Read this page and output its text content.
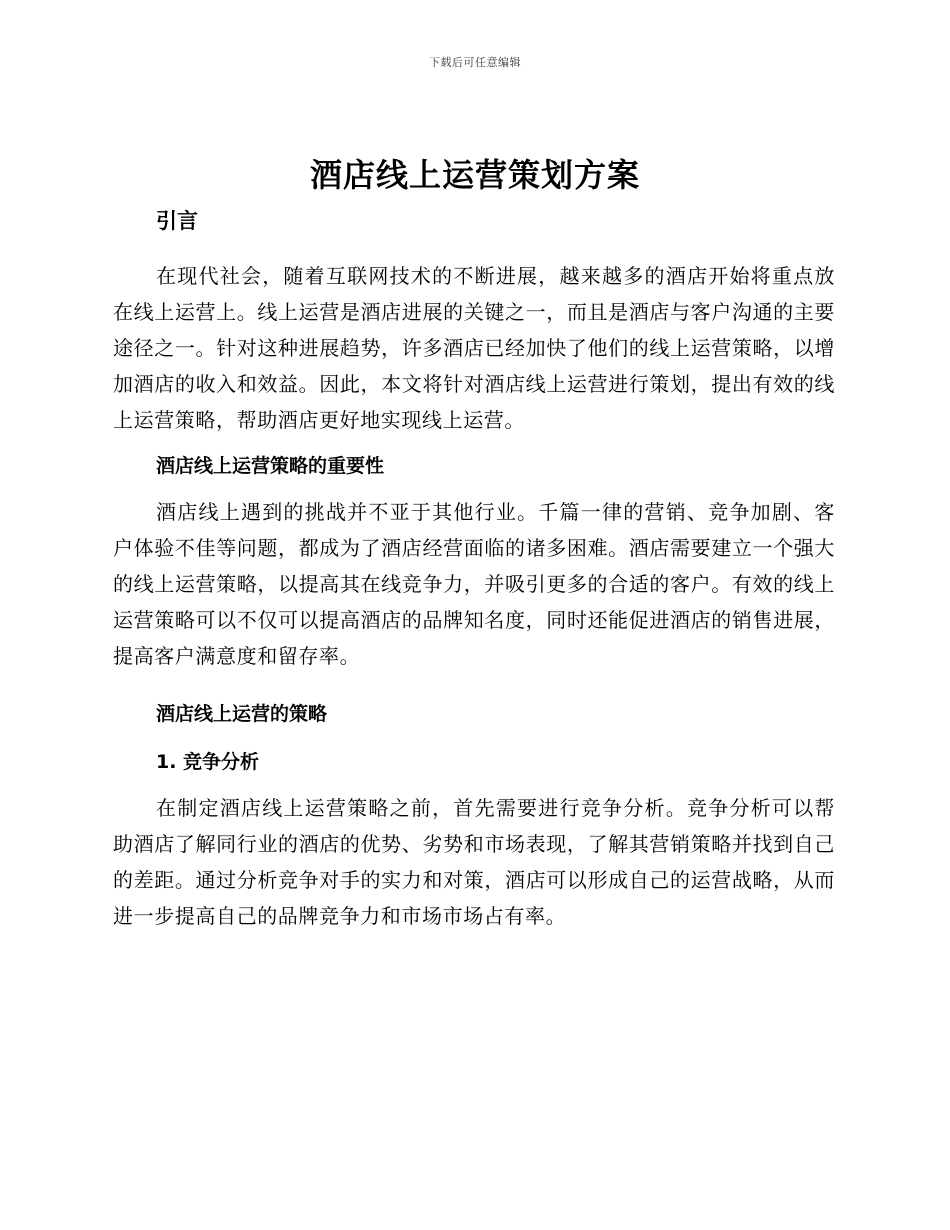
下载后可任意编辑
酒店线上运营策划方案
引言

在现代社会，随着互联网技术的不断进展，越来越多的酒店开始将重点放在线上运营上。线上运营是酒店进展的关键之一，而且是酒店与客户沟通的主要途径之一。针对这种进展趋势，许多酒店已经加快了他们的线上运营策略，以增加酒店的收入和效益。因此，本文将针对酒店线上运营进行策划，提出有效的线上运营策略，帮助酒店更好地实现线上运营。

酒店线上运营策略的重要性

酒店线上遇到的挑战并不亚于其他行业。千篇一律的营销、竞争加剧、客户体验不佳等问题，都成为了酒店经营面临的诸多困难。酒店需要建立一个强大的线上运营策略，以提高其在线竞争力，并吸引更多的合适的客户。有效的线上运营策略可以不仅可以提高酒店的品牌知名度，同时还能促进酒店的销售进展，提高客户满意度和留存率。

酒店线上运营的策略
1. 竞争分析

在制定酒店线上运营策略之前，首先需要进行竞争分析。竞争分析可以帮助酒店了解同行业的酒店的优势、劣势和市场表现，了解其营销策略并找到自己的差距。通过分析竞争对手的实力和对策，酒店可以形成自己的运营战略，从而进一步提高自己的品牌竞争力和市场市场占有率。
